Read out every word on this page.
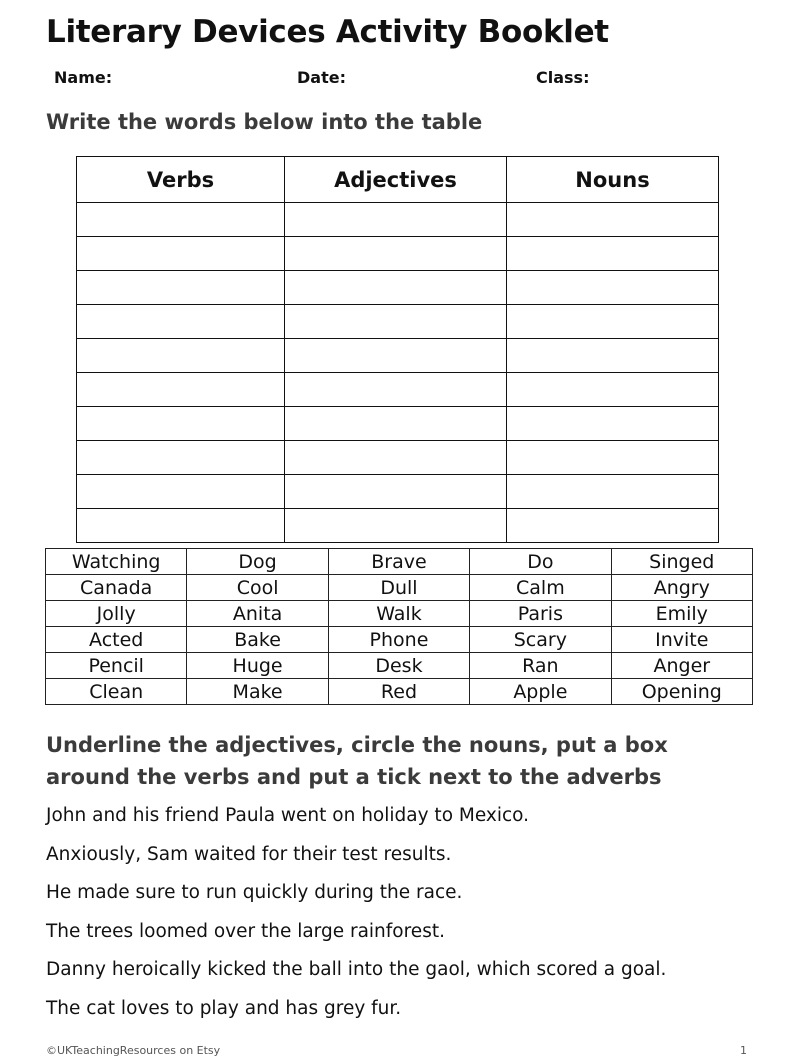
Literary Devices Activity Booklet
Name:	Date:	Class:
Write the words below into the table
Verbs	Adjectives	Nouns

Watching	Dog	Brave	Do	Singed
Canada	Cool	Dull	Calm	Angry
Jolly	Anita	Walk	Paris	Emily
Acted	Bake	Phone	Scary	Invite
Pencil	Huge	Desk	Ran	Anger
Clean	Make	Red	Apple	Opening
Underline the adjectives, circle the nouns, put a box
around the verbs and put a tick next to the adverbs
John and his friend Paula went on holiday to Mexico.
Anxiously, Sam waited for their test results.
He made sure to run quickly during the race.
The trees loomed over the large rainforest.
Danny heroically kicked the ball into the gaol, which scored a goal.
The cat loves to play and has grey fur.
©UKTeachingResources on Etsy	1
